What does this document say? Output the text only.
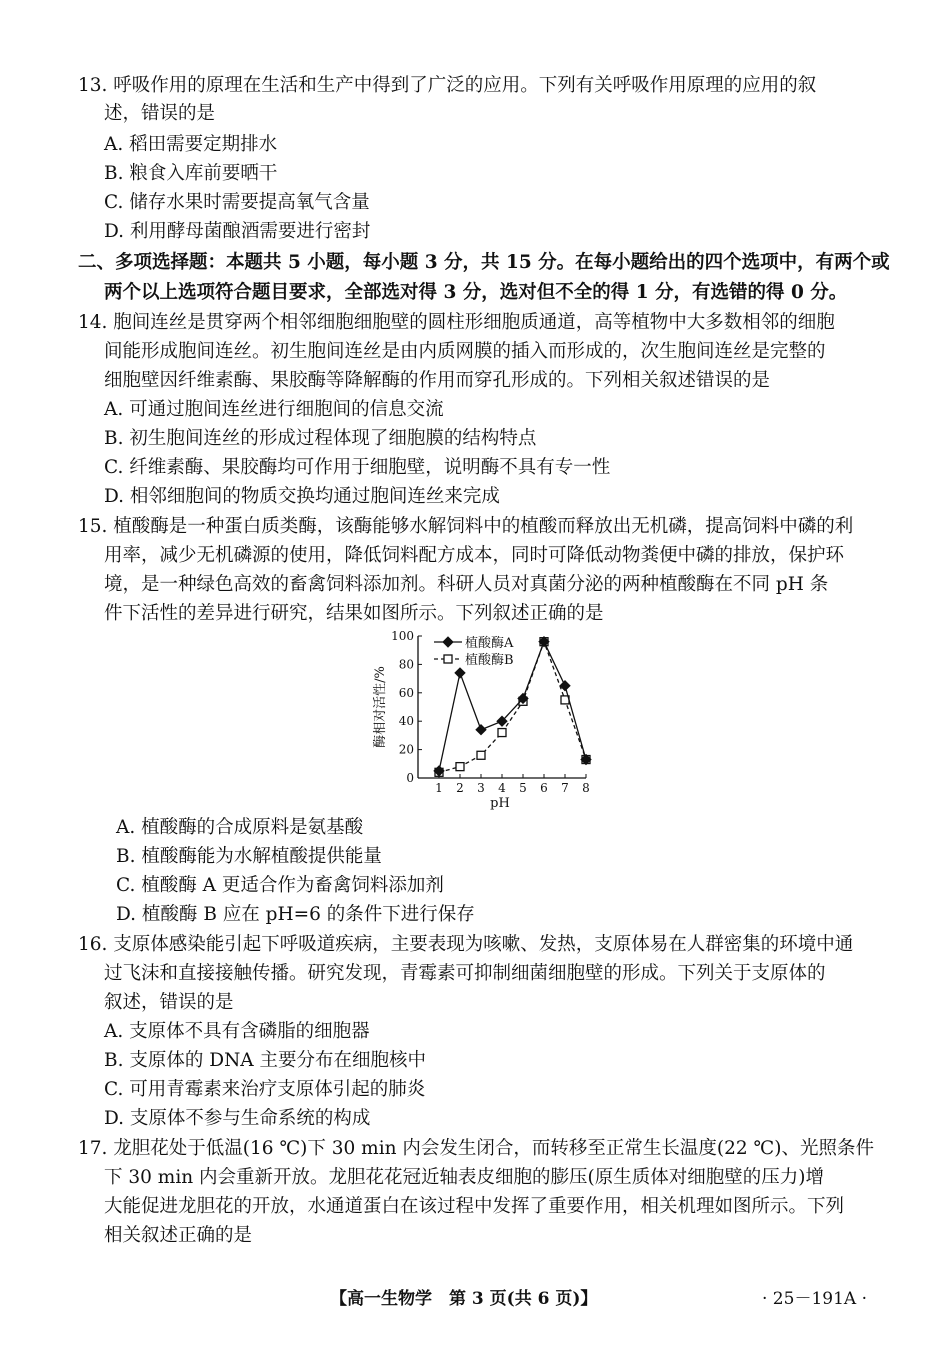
13. 呼吸作用的原理在生活和生产中得到了广泛的应用。下列有关呼吸作用原理的应用的叙
述，错误的是
A. 稻田需要定期排水
B. 粮食入库前要晒干
C. 储存水果时需要提高氧气含量
D. 利用酵母菌酿酒需要进行密封
二、多项选择题：本题共 5 小题，每小题 3 分，共 15 分。在每小题给出的四个选项中，有两个或
两个以上选项符合题目要求，全部选对得 3 分，选对但不全的得 1 分，有选错的得 0 分。
14. 胞间连丝是贯穿两个相邻细胞细胞壁的圆柱形细胞质通道，高等植物中大多数相邻的细胞
间能形成胞间连丝。初生胞间连丝是由内质网膜的插入而形成的，次生胞间连丝是完整的
细胞壁因纤维素酶、果胶酶等降解酶的作用而穿孔形成的。下列相关叙述错误的是
A. 可通过胞间连丝进行细胞间的信息交流
B. 初生胞间连丝的形成过程体现了细胞膜的结构特点
C. 纤维素酶、果胶酶均可作用于细胞壁，说明酶不具有专一性
D. 相邻细胞间的物质交换均通过胞间连丝来完成
15. 植酸酶是一种蛋白质类酶，该酶能够水解饲料中的植酸而释放出无机磷，提高饲料中磷的利
用率，减少无机磷源的使用，降低饲料配方成本，同时可降低动物粪便中磷的排放，保护环
境，是一种绿色高效的畜禽饲料添加剂。科研人员对真菌分泌的两种植酸酶在不同 pH 条
件下活性的差异进行研究，结果如图所示。下列叙述正确的是
0
20
40
60
80
100
1 2 3 4 5 6 7 8
pH
酶相对活性/%
植酸酶A
植酸酶B
A. 植酸酶的合成原料是氨基酸
B. 植酸酶能为水解植酸提供能量
C. 植酸酶 A 更适合作为畜禽饲料添加剂
D. 植酸酶 B 应在 pH=6 的条件下进行保存
16. 支原体感染能引起下呼吸道疾病，主要表现为咳嗽、发热，支原体易在人群密集的环境中通
过飞沫和直接接触传播。研究发现，青霉素可抑制细菌细胞壁的形成。下列关于支原体的
叙述，错误的是
A. 支原体不具有含磷脂的细胞器
B. 支原体的 DNA 主要分布在细胞核中
C. 可用青霉素来治疗支原体引起的肺炎
D. 支原体不参与生命系统的构成
17. 龙胆花处于低温(16 ℃)下 30 min 内会发生闭合，而转移至正常生长温度(22 ℃)、光照条件
下 30 min 内会重新开放。龙胆花花冠近轴表皮细胞的膨压(原生质体对细胞壁的压力)增
大能促进龙胆花的开放，水通道蛋白在该过程中发挥了重要作用，相关机理如图所示。下列
相关叙述正确的是
【高一生物学　第 3 页(共 6 页)】	· 25－191A ·
